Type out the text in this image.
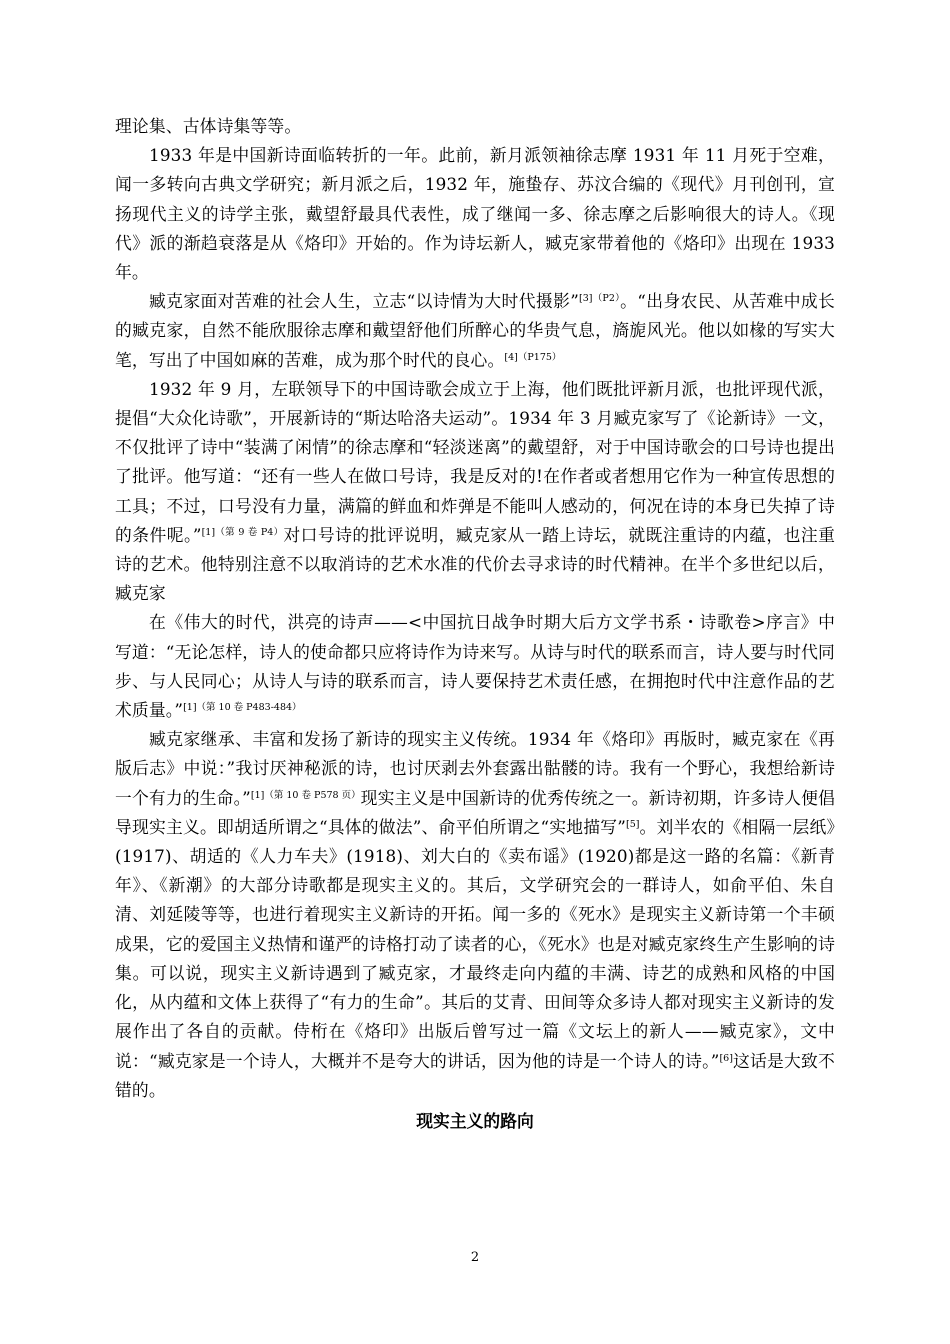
理论集、古体诗集等等。

1933 年是中国新诗面临转折的一年。此前，新月派领袖徐志摩 1931 年 11 月死于空难，闻一多转向古典文学研究；新月派之后，1932 年，施蛰存、苏汶合编的《现代》月刊创刊，宣扬现代主义的诗学主张，戴望舒最具代表性，成了继闻一多、徐志摩之后影响很大的诗人。《现代》派的渐趋衰落是从《烙印》开始的。作为诗坛新人，臧克家带着他的《烙印》出现在 1933 年。

臧克家面对苦难的社会人生，立志“以诗情为大时代摄影”$^{[3](P2)}$。“出身农民、从苦难中成长的臧克家，自然不能欣服徐志摩和戴望舒他们所醉心的华贵气息，旖旎风光。他以如椽的写实大笔，写出了中国如麻的苦难，成为那个时代的良心。$^{[4](P175)}$

1932 年 9 月，左联领导下的中国诗歌会成立于上海，他们既批评新月派，也批评现代派，提倡“大众化诗歌”，开展新诗的“斯达哈洛夫运动”。1934 年 3 月臧克家写了《论新诗》一文，不仅批评了诗中“装满了闲情”的徐志摩和“轻淡迷离”的戴望舒，对于中国诗歌会的口号诗也提出了批评。他写道：“还有一些人在做口号诗，我是反对的!在作者或者想用它作为一种宣传思想的工具；不过，口号没有力量，满篇的鲜血和炸弹是不能叫人感动的，何况在诗的本身已失掉了诗的条件呢。”$^{[1](第 9 卷 P4)}$对口号诗的批评说明，臧克家从一踏上诗坛，就既注重诗的内蕴，也注重诗的艺术。他特别注意不以取消诗的艺术水准的代价去寻求诗的时代精神。在半个多世纪以后，臧克家

在《伟大的时代，洪亮的诗声——<中国抗日战争时期大后方文学书系・诗歌卷>序言》中写道：“无论怎样，诗人的使命都只应将诗作为诗来写。从诗与时代的联系而言，诗人要与时代同步、与人民同心；从诗人与诗的联系而言，诗人要保持艺术责任感，在拥抱时代中注意作品的艺术质量。”$^{[1](第 10 卷 P483-484)}$

臧克家继承、丰富和发扬了新诗的现实主义传统。1934 年《烙印》再版时，臧克家在《再版后志》中说：”我讨厌神秘派的诗，也讨厌剥去外套露出骷髅的诗。我有一个野心，我想给新诗一个有力的生命。”$^{[1](第 10 卷 P578 页)}$现实主义是中国新诗的优秀传统之一。新诗初期，许多诗人便倡导现实主义。即胡适所谓之“具体的做法”、俞平伯所谓之“实地描写”[5]。刘半农的《相隔一层纸》(1917)、胡适的《人力车夫》(1918)、刘大白的《卖布谣》(1920)都是这一路的名篇：《新青年》、《新潮》的大部分诗歌都是现实主义的。其后，文学研究会的一群诗人，如俞平伯、朱自清、刘延陵等等，也进行着现实主义新诗的开拓。闻一多的《死水》是现实主义新诗第一个丰硕成果，它的爱国主义热情和谨严的诗格打动了读者的心，《死水》也是对臧克家终生产生影响的诗集。可以说，现实主义新诗遇到了臧克家，才最终走向内蕴的丰满、诗艺的成熟和风格的中国化，从内蕴和文体上获得了“有力的生命”。其后的艾青、田间等众多诗人都对现实主义新诗的发展作出了各自的贡献。侍桁在《烙印》出版后曾写过一篇《文坛上的新人——臧克家》，文中说：“臧克家是一个诗人，大概并不是夸大的讲话，因为他的诗是一个诗人的诗。”[6]这话是大致不错的。

现实主义的路向
2
